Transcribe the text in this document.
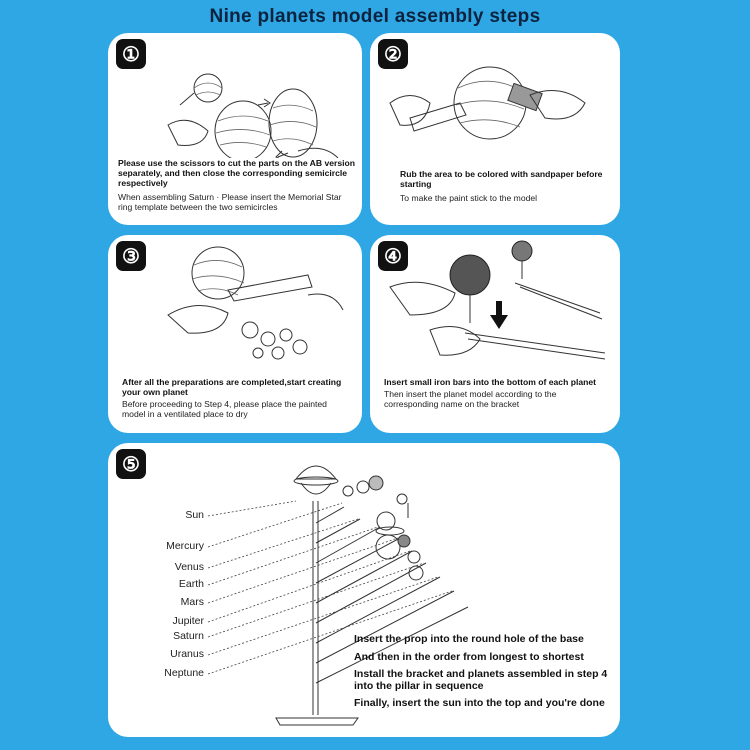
Nine planets model assembly steps
①
Please use the scissors to cut the parts on the AB version separately, and then close the corresponding semicircle respectively
When assembling Saturn · Please insert the Memorial Star ring template between the two semicircles
②
Rub the area to be colored with sandpaper before starting
To make the paint stick to the model
③
After all the preparations are completed,start creating your own planet
Before proceeding to Step 4, please place the painted model in a ventilated place to dry
④
Insert small iron bars into the bottom of each planet
Then insert the planet model according to the corresponding name on the bracket
⑤
Sun
Mercury
Venus
Earth
Mars
Jupiter
Saturn
Uranus
Neptune
Insert the prop into the round hole of the base
And then in the order from longest to shortest
Install the bracket and planets assembled in step 4 into the pillar in sequence
Finally, insert the sun into the top and you're done
